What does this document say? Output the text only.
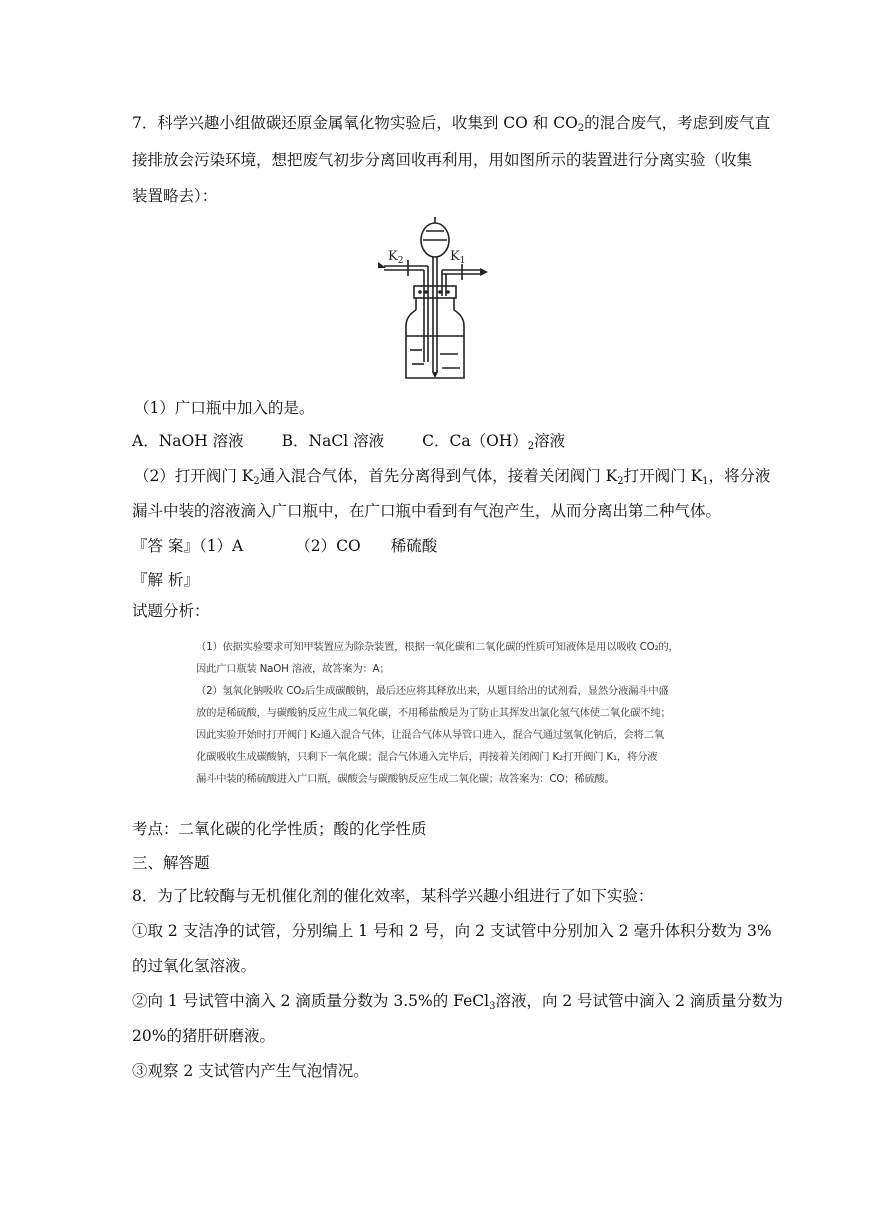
7．科学兴趣小组做碳还原金属氧化物实验后，收集到 CO 和 $CO_2$的混合废气，考虑到废气直
接排放会污染环境，想把废气初步分离回收再利用，用如图所示的装置进行分离实验（收集
装置略去）：
$K_2$	$K_1$
（1）广口瓶中加入的是。
A．NaOH 溶液 B．NaCl 溶液 C．$Ca(OH)_2$溶液
（2）打开阀门 $K_2$通入混合气体，首先分离得到气体，接着关闭阀门 $K_2$打开阀门 $K_1$，将分液
漏斗中装的溶液滴入广口瓶中，在广口瓶中看到有气泡产生，从而分离出第二种气体。
『答 案』（1）A	（2）CO 稀硫酸
『解 析』
试题分析：
（1）依据实验要求可知甲装置应为除杂装置，根据一氧化碳和二氧化碳的性质可知液体是用以吸收 CO₂的，
因此广口瓶装 NaOH 溶液，故答案为：A；
（2）氢氧化钠吸收 CO₂后生成碳酸钠，最后还应将其释放出来，从题目给出的试剂看，显然分液漏斗中盛
放的是稀硫酸，与碳酸钠反应生成二氧化碳，不用稀盐酸是为了防止其挥发出氯化氢气体使二氧化碳不纯；
因此实验开始时打开阀门 K₂通入混合气体，让混合气体从导管口进入，混合气通过氢氧化钠后，会将二氧
化碳吸收生成碳酸钠，只剩下一氧化碳；混合气体通入完毕后，再接着关闭阀门 K₂打开阀门 K₁，将分液
漏斗中装的稀硫酸进入广口瓶，碳酸会与碳酸钠反应生成二氧化碳；故答案为：CO；稀硫酸。
考点：二氧化碳的化学性质；酸的化学性质
三、解答题
8．为了比较酶与无机催化剂的催化效率，某科学兴趣小组进行了如下实验：
①取 2 支洁净的试管，分别编上 1 号和 2 号，向 2 支试管中分别加入 2 毫升体积分数为 3%
的过氧化氢溶液。
②向 1 号试管中滴入 2 滴质量分数为 3.5%的 FeCl$_3$溶液，向 2 号试管中滴入 2 滴质量分数为
20%的猪肝研磨液。
③观察 2 支试管内产生气泡情况。
